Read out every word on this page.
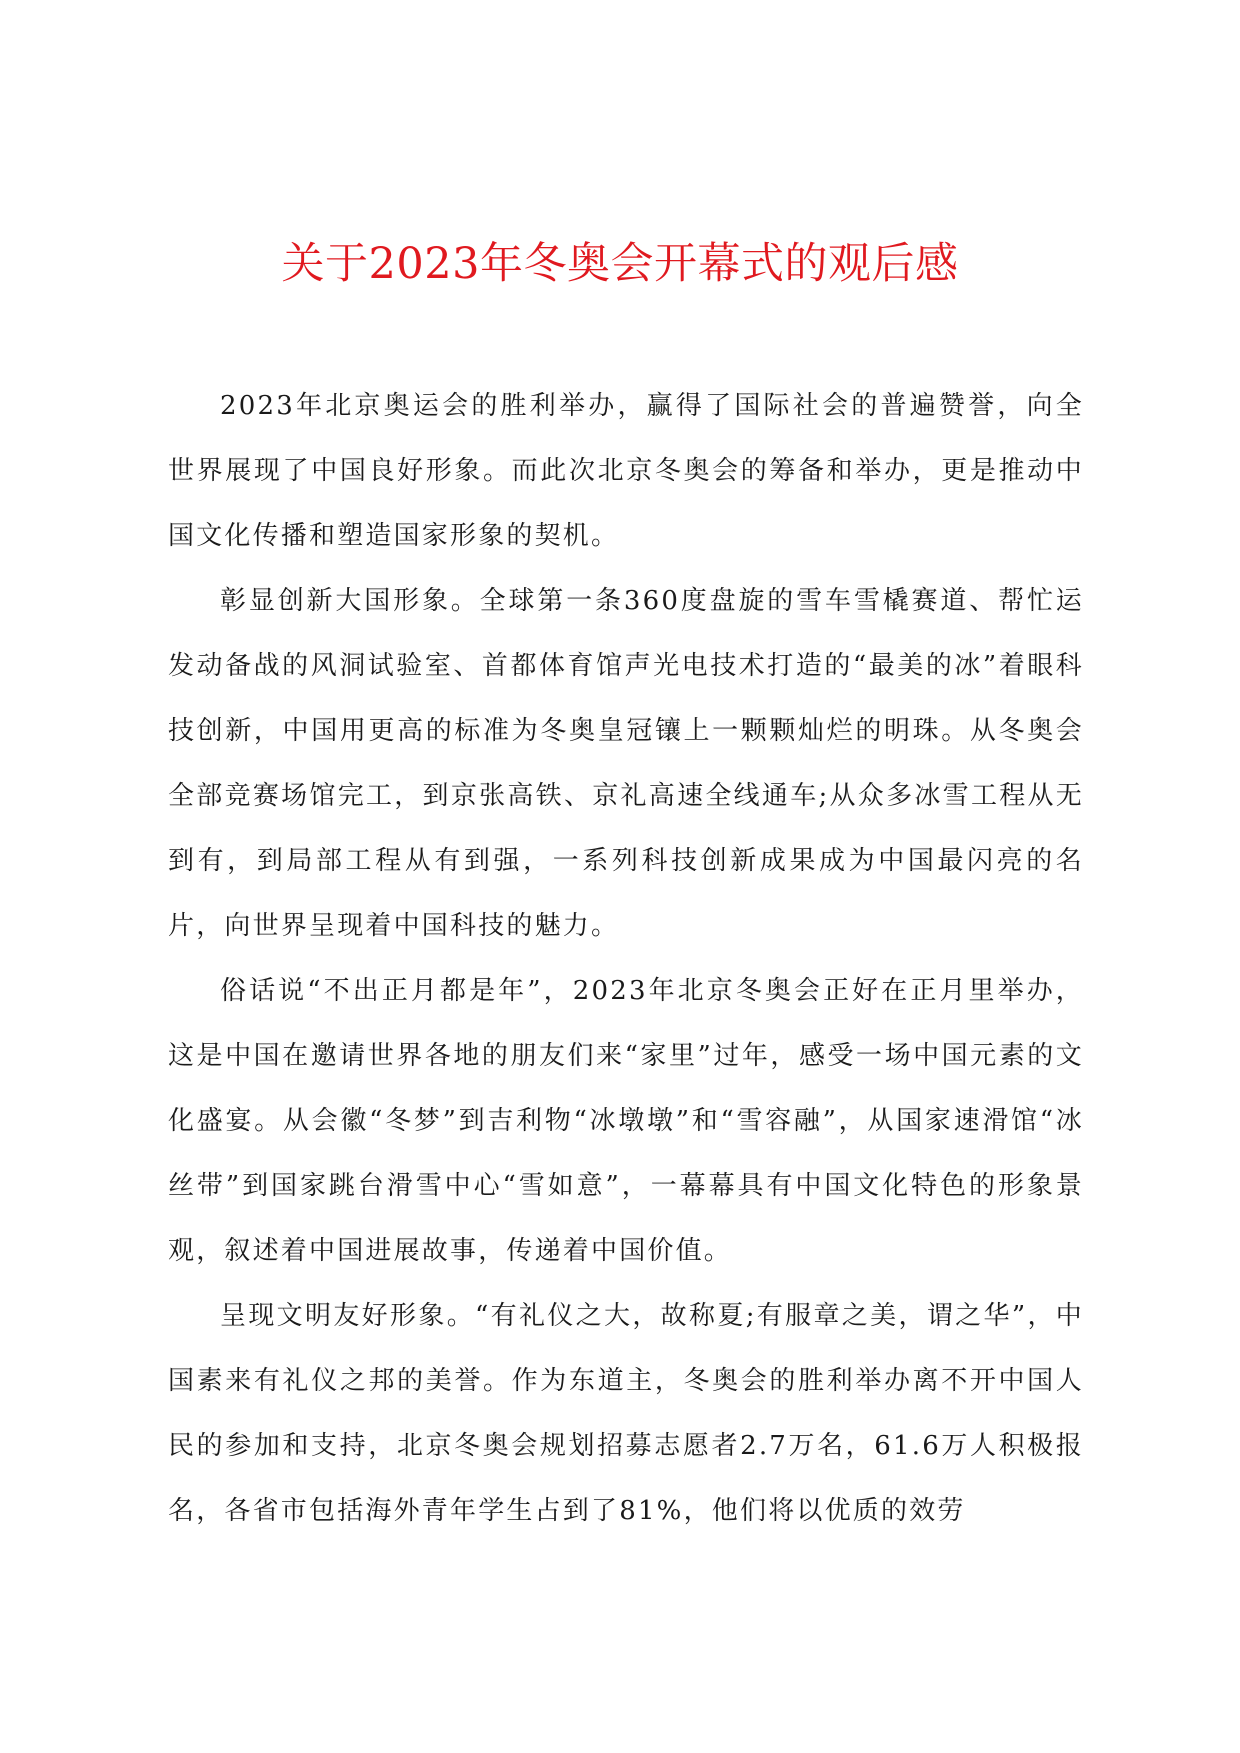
关于2023年冬奥会开幕式的观后感

2023年北京奥运会的胜利举办，赢得了国际社会的普遍赞誉，向全世界展现了中国良好形象。而此次北京冬奥会的筹备和举办，更是推动中国文化传播和塑造国家形象的契机。

彰显创新大国形象。全球第一条360度盘旋的雪车雪橇赛道、帮忙运发动备战的风洞试验室、首都体育馆声光电技术打造的“最美的冰”着眼科技创新，中国用更高的标准为冬奥皇冠镶上一颗颗灿烂的明珠。从冬奥会全部竞赛场馆完工，到京张高铁、京礼高速全线通车;从众多冰雪工程从无到有，到局部工程从有到强，一系列科技创新成果成为中国最闪亮的名片，向世界呈现着中国科技的魅力。

俗话说“不出正月都是年”，2023年北京冬奥会正好在正月里举办，这是中国在邀请世界各地的朋友们来“家里”过年，感受一场中国元素的文化盛宴。从会徽“冬梦”到吉利物“冰墩墩”和“雪容融”，从国家速滑馆“冰丝带”到国家跳台滑雪中心“雪如意”，一幕幕具有中国文化特色的形象景观，叙述着中国进展故事，传递着中国价值。

呈现文明友好形象。“有礼仪之大，故称夏;有服章之美，谓之华”，中国素来有礼仪之邦的美誉。作为东道主，冬奥会的胜利举办离不开中国人民的参加和支持，北京冬奥会规划招募志愿者2.7万名，61.6万人积极报名，各省市包括海外青年学生占到了81%，他们将以优质的效劳
